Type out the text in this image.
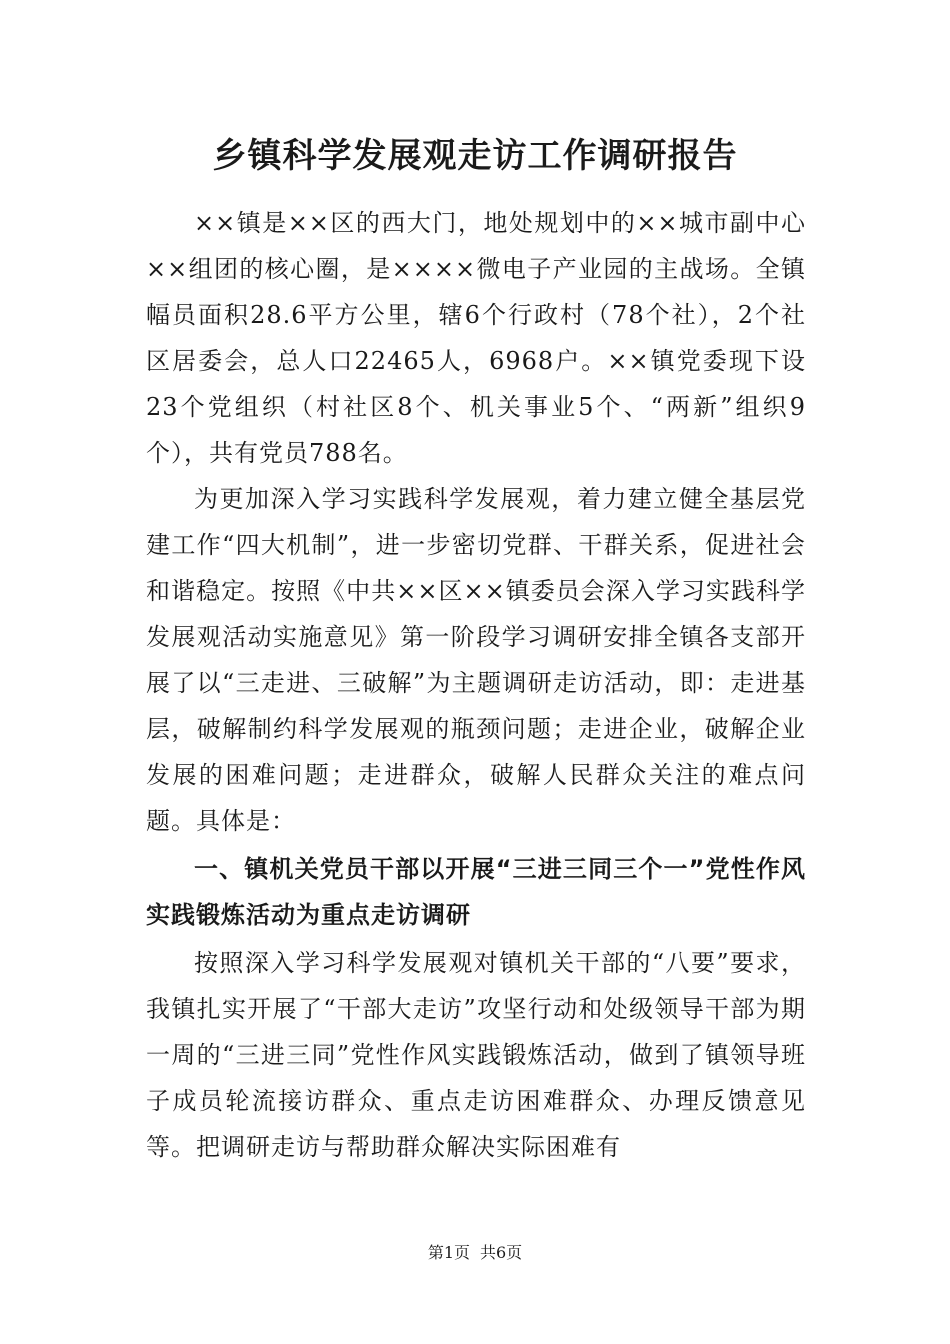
乡镇科学发展观走访工作调研报告

××镇是××区的西大门，地处规划中的××城市副中心××组团的核心圈，是××××微电子产业园的主战场。全镇幅员面积28.6平方公里，辖6个行政村（78个社），2个社区居委会，总人口22465人，6968户。××镇党委现下设23个党组织（村社区8个、机关事业5个、“两新”组织9个），共有党员788名。

为更加深入学习实践科学发展观，着力建立健全基层党建工作“四大机制”，进一步密切党群、干群关系，促进社会和谐稳定。按照《中共××区××镇委员会深入学习实践科学发展观活动实施意见》第一阶段学习调研安排全镇各支部开展了以“三走进、三破解”为主题调研走访活动，即：走进基层，破解制约科学发展观的瓶颈问题；走进企业，破解企业发展的困难问题；走进群众，破解人民群众关注的难点问题。具体是：

一、镇机关党员干部以开展“三进三同三个一”党性作风实践锻炼活动为重点走访调研

按照深入学习科学发展观对镇机关干部的“八要”要求，我镇扎实开展了“干部大走访”攻坚行动和处级领导干部为期一周的“三进三同”党性作风实践锻炼活动，做到了镇领导班子成员轮流接访群众、重点走访困难群众、办理反馈意见等。把调研走访与帮助群众解决实际困难有

第1页 共6页
